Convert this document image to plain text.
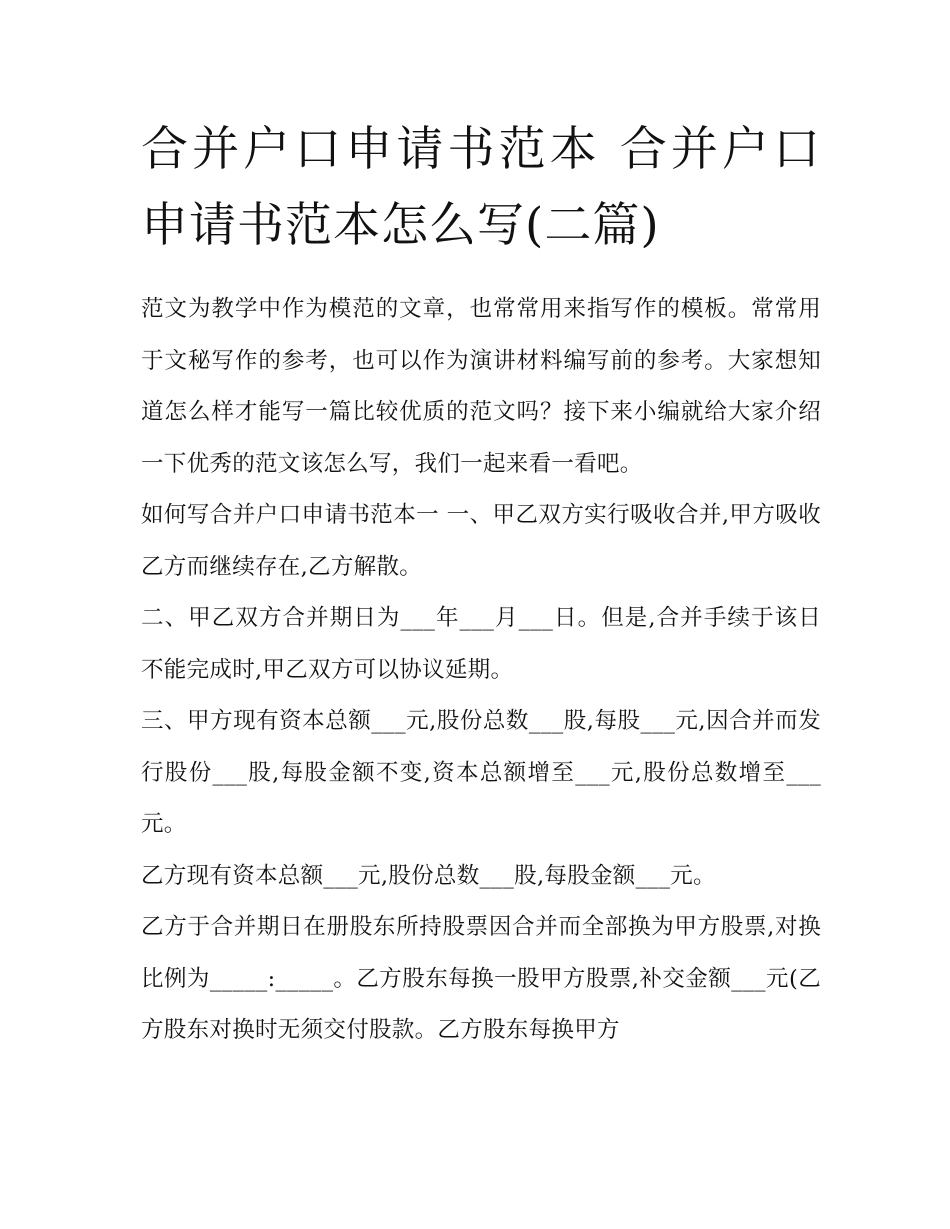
合并户口申请书范本 合并户口申请书范本怎么写(二篇)

范文为教学中作为模范的文章，也常常用来指写作的模板。常常用于文秘写作的参考，也可以作为演讲材料编写前的参考。大家想知道怎么样才能写一篇比较优质的范文吗？接下来小编就给大家介绍一下优秀的范文该怎么写，我们一起来看一看吧。

如何写合并户口申请书范本一 一、甲乙双方实行吸收合并,甲方吸收乙方而继续存在,乙方解散。

二、甲乙双方合并期日为___年___月___日。但是,合并手续于该日不能完成时,甲乙双方可以协议延期。

三、甲方现有资本总额___元,股份总数___股,每股___元,因合并而发行股份___股,每股金额不变,资本总额增至___元,股份总数增至___元。

乙方现有资本总额___元,股份总数___股,每股金额___元。

乙方于合并期日在册股东所持股票因合并而全部换为甲方股票,对换比例为_____:_____。乙方股东每换一股甲方股票,补交金额___元(乙方股东对换时无须交付股款。乙方股东每换甲方
